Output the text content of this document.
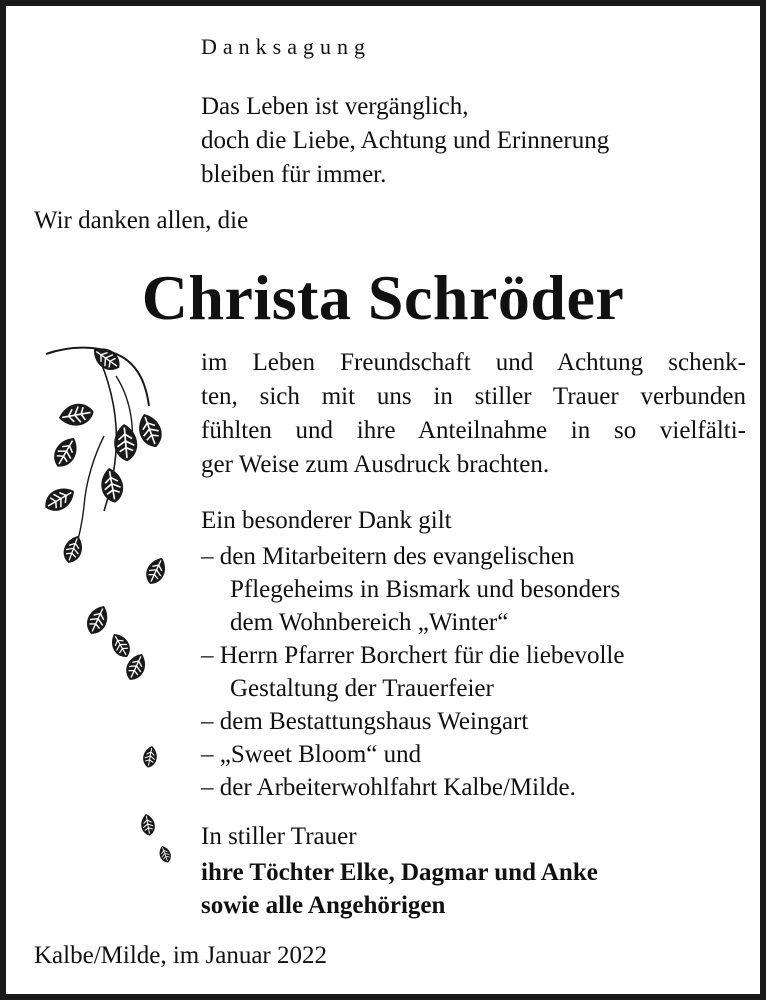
Danksagung
Das Leben ist vergänglich,
doch die Liebe, Achtung und Erinnerung
bleiben für immer.
Wir danken allen, die
Christa Schröder
im Leben Freundschaft und Achtung schenk-
ten, sich mit uns in stiller Trauer verbunden
fühlten und ihre Anteilnahme in so vielfälti-
ger Weise zum Ausdruck brachten.
Ein besonderer Dank gilt
– den Mitarbeitern des evangelischen
Pflegeheims in Bismark und besonders
dem Wohnbereich „Winter“
– Herrn Pfarrer Borchert für die liebevolle
Gestaltung der Trauerfeier
– dem Bestattungshaus Weingart
– „Sweet Bloom“ und
– der Arbeiterwohlfahrt Kalbe/Milde.
In stiller Trauer
ihre Töchter Elke, Dagmar und Anke
sowie alle Angehörigen
Kalbe/Milde, im Januar 2022
